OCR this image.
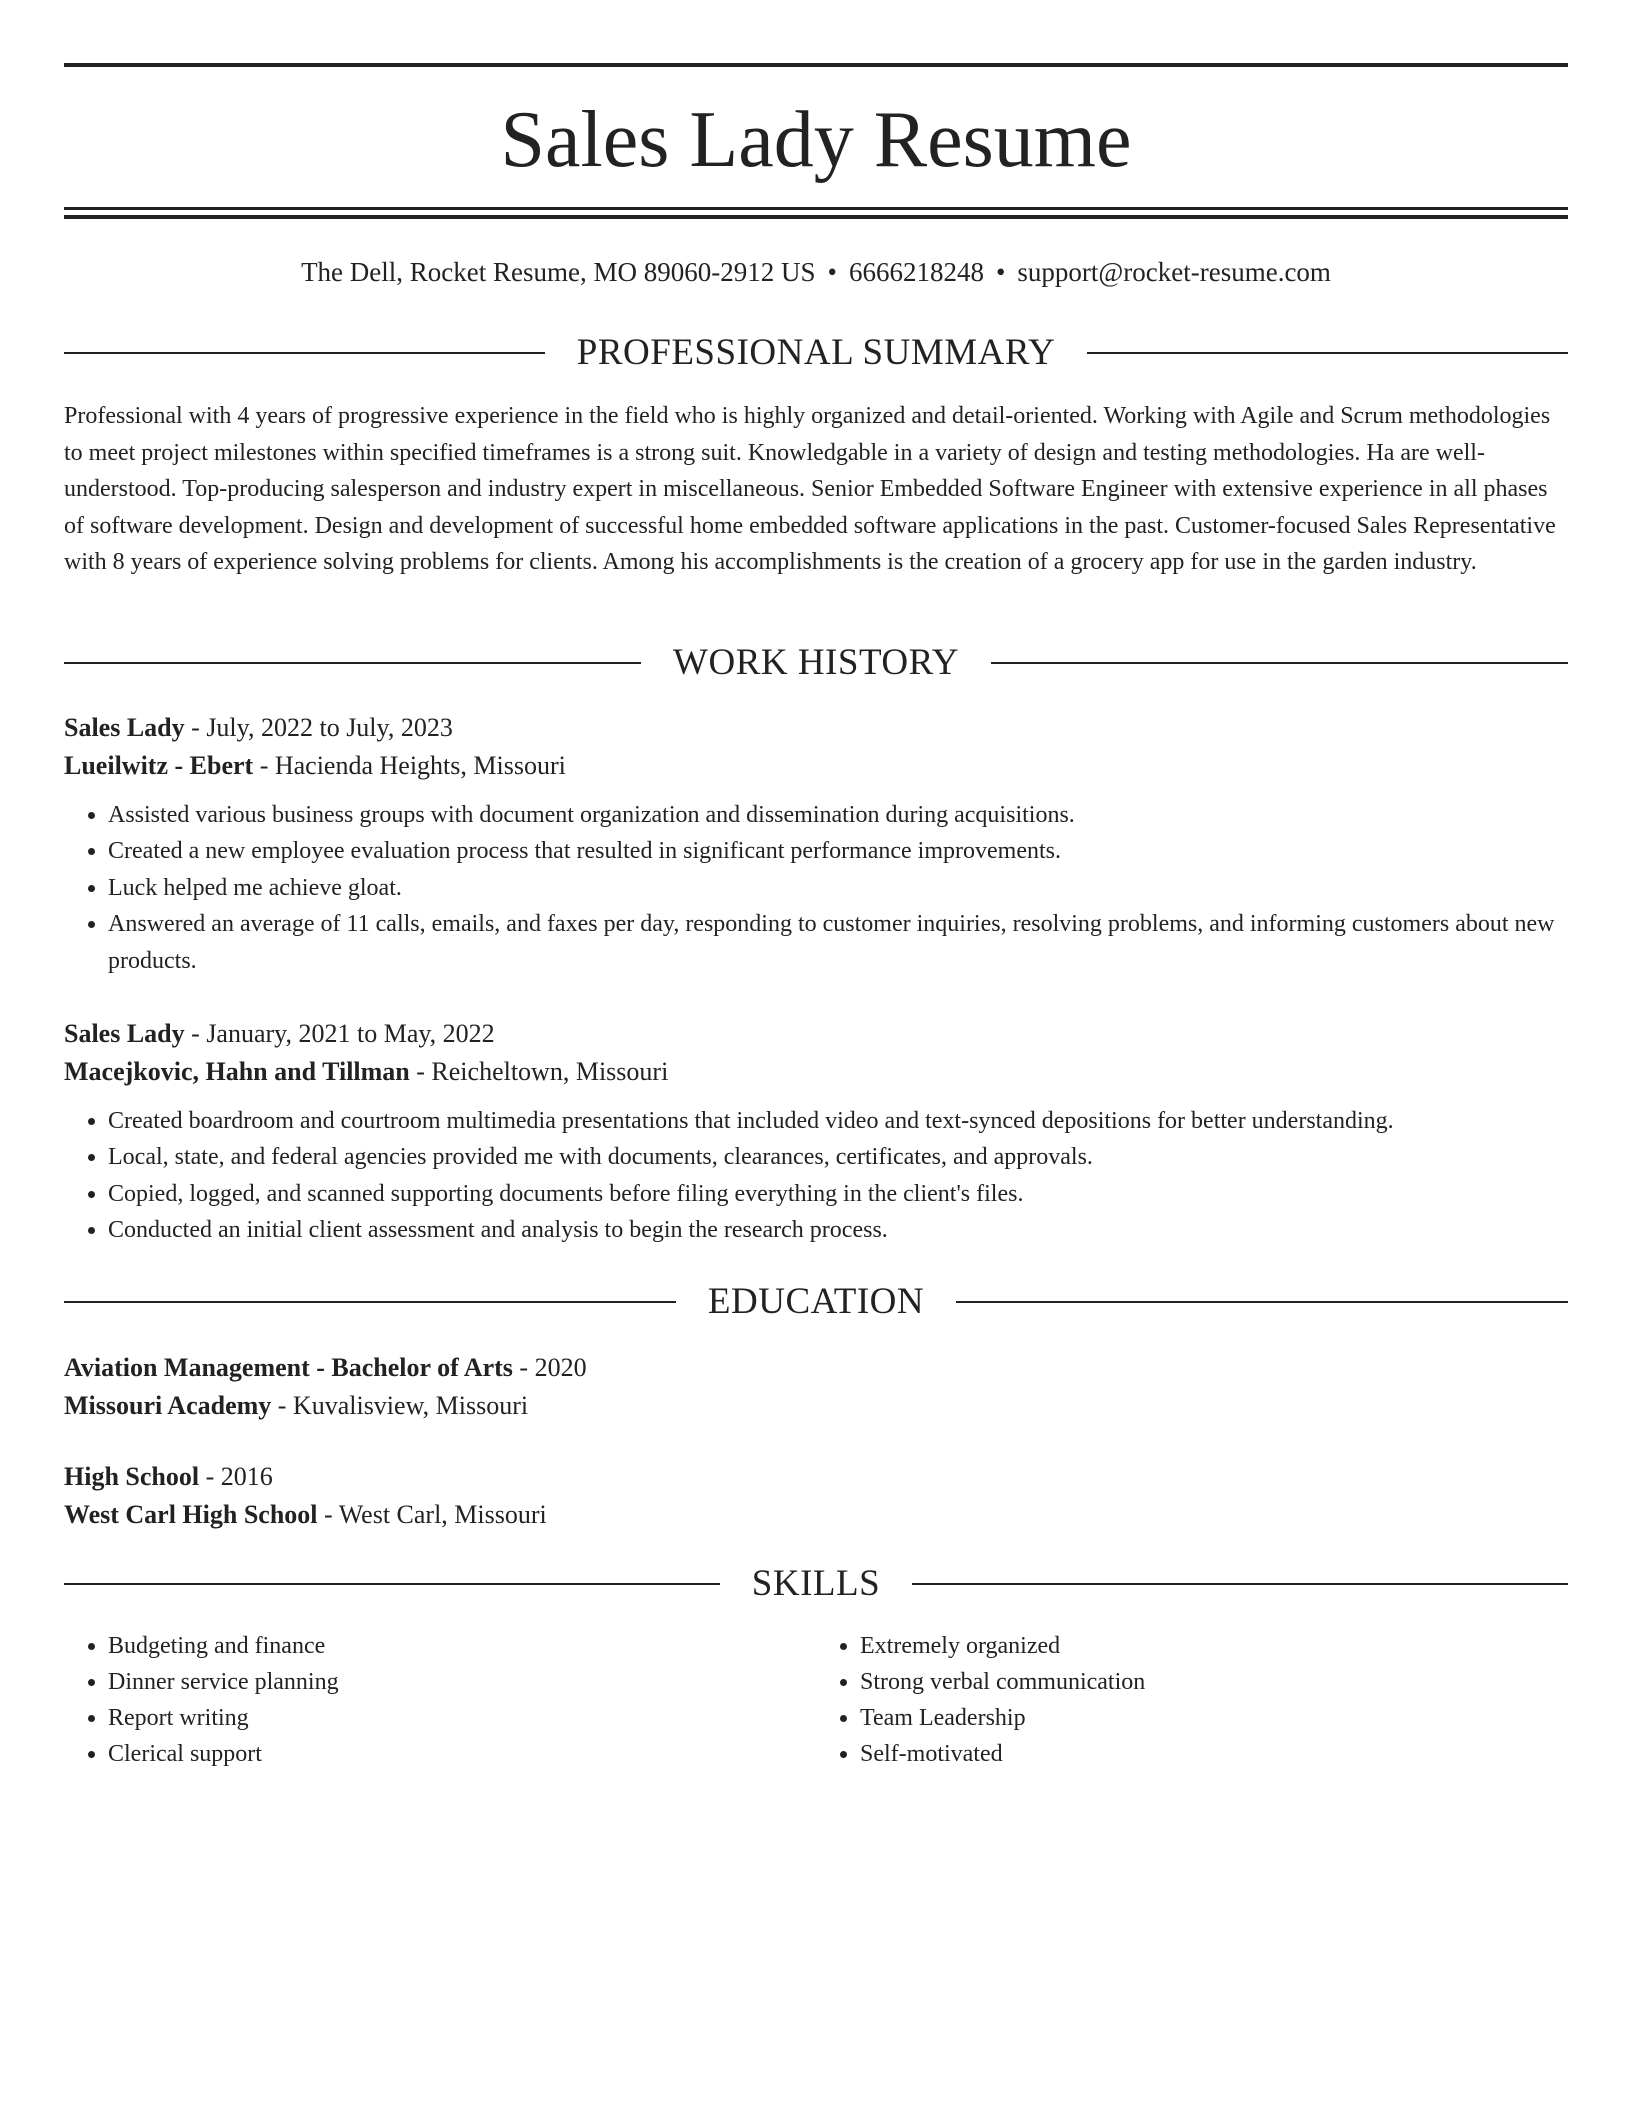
Sales Lady Resume
The Dell, Rocket Resume, MO 89060-2912 US • 6666218248 • support@rocket-resume.com
PROFESSIONAL SUMMARY

Professional with 4 years of progressive experience in the field who is highly organized and detail-oriented. Working with Agile and Scrum methodologies to meet project milestones within specified timeframes is a strong suit. Knowledgable in a variety of design and testing methodologies. Ha are well-understood. Top-producing salesperson and industry expert in miscellaneous. Senior Embedded Software Engineer with extensive experience in all phases of software development. Design and development of successful home embedded software applications in the past. Customer-focused Sales Representative with 8 years of experience solving problems for clients. Among his accomplishments is the creation of a grocery app for use in the garden industry.

WORK HISTORY

Sales Lady - July, 2022 to July, 2023

Lueilwitz - Ebert - Hacienda Heights, Missouri

• Assisted various business groups with document organization and dissemination during acquisitions.
• Created a new employee evaluation process that resulted in significant performance improvements.
• Luck helped me achieve gloat.
• Answered an average of 11 calls, emails, and faxes per day, responding to customer inquiries, resolving problems, and informing customers about new products.

Sales Lady - January, 2021 to May, 2022

Macejkovic, Hahn and Tillman - Reicheltown, Missouri

• Created boardroom and courtroom multimedia presentations that included video and text-synced depositions for better understanding.
• Local, state, and federal agencies provided me with documents, clearances, certificates, and approvals.
• Copied, logged, and scanned supporting documents before filing everything in the client's files.
• Conducted an initial client assessment and analysis to begin the research process.
EDUCATION

Aviation Management - Bachelor of Arts - 2020

Missouri Academy - Kuvalisview, Missouri

High School - 2016

West Carl High School - West Carl, Missouri

SKILLS
• Budgeting and finance
• Dinner service planning
• Report writing
• Clerical support
• Extremely organized
• Strong verbal communication
• Team Leadership
• Self-motivated
